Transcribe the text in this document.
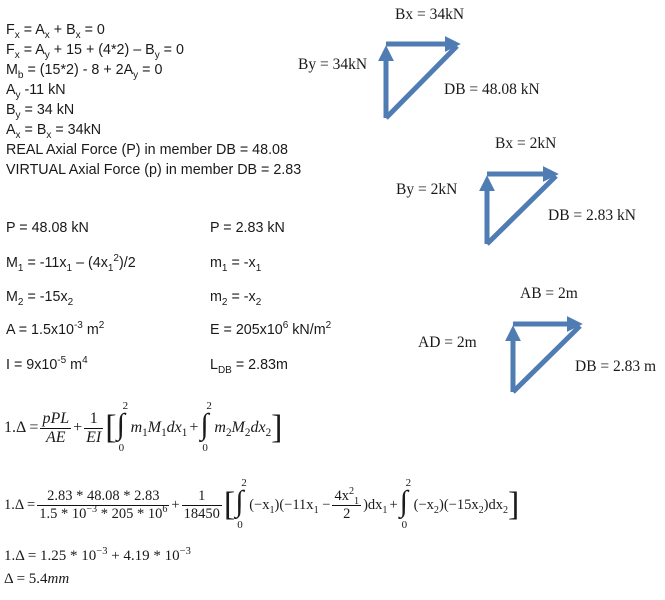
$F_x = A_x + B_x = 0$
$F_x = A_y + 15 + (4*2) - B_y = 0$
$M_b = (15*2) - 8 + 2A_y = 0$
$A_y$ -11 kN
$B_y = 34$ kN
$A_x = B_x = 34kN$
REAL Axial Force (P) in member DB = 48.08
VIRTUAL Axial Force (p) in member DB = 2.83
P = 48.08 kN
$M_1 = -11x_1 - (4x_1^2)/2$
$M_2 = -15x_2$
$A = 1.5x10^{-3}$ $m^2$
$I = 9x10^{-5}$ $m^4$
P = 2.83 kN
$m_1 = -x_1$
$m_2 = -x_2$
$E = 205x10^6$ $kN/m^2$
$L_{DB} = 2.83m$
Bx = 34kN
By = 34kN
DB = 48.08 kN
Bx = 2kN
By = 2kN
DB = 2.83 kN
AB = 2m
AD = 2m
DB = 2.83 m
$1.\Delta = \frac{\text{pPL}}{AE} + \frac{1}{EI}$ [ ∫
2
0
$m_1M_1dx_1$ + ∫
2
0
$m_2M_2dx_2$ ]
$1.\Delta = \frac{2.83 * 48.08 * 2.83}{1.5 * 10^{-3} * 205 * 10^6} + \frac{1}{18450}$ [ ∫
2
0
$(-x_1)(-11x_1 - \frac{4x^2_1}{2} )dx_1$ + ∫
2
0
$(-x_2)(-15x_2)dx_2$ ]
$1.\Delta = 1.25 * 10^{-3} + 4.19 * 10^{-3}$
Δ = 5.4mm
